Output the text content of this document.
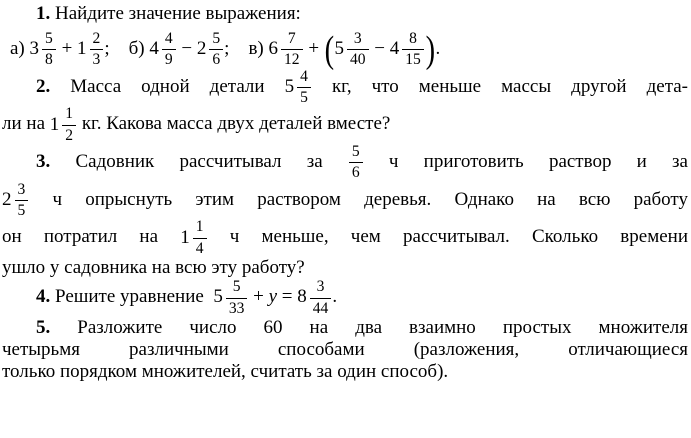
1. Найдите значение выражения:
а) $3 \frac{5}{8} + 1 \frac{2}{3}$ ;    б) $4 \frac{4}{9} - 2 \frac{5}{6}$ ;    в) $6 \frac{7}{12} + (5 \frac{3}{40} - 4 \frac{8}{15}$ ).
2. Масса одной детали $5 \frac{4}{5}$ кг, что меньше массы другой дета-
ли на $1 \frac{1}{2}$ кг. Какова масса двух деталей вместе?
3. Садовник рассчитывал за $\frac{5}{6}$ ч приготовить раствор и за
$2 \frac{3}{5}$ ч опрыснуть этим раствором деревья. Однако на всю работу
он потратил на $1 \frac{1}{4}$ ч меньше, чем рассчитывал. Сколько времени
ушло у садовника на всю эту работу?
4. Решите уравнение  $5 \frac{5}{33} + y = 8 \frac{3}{44}$ .
5. Разложите число 60 на два взаимно простых множителя
четырьмя различными способами (разложения, отличающиеся
только порядком множителей, считать за один способ).
